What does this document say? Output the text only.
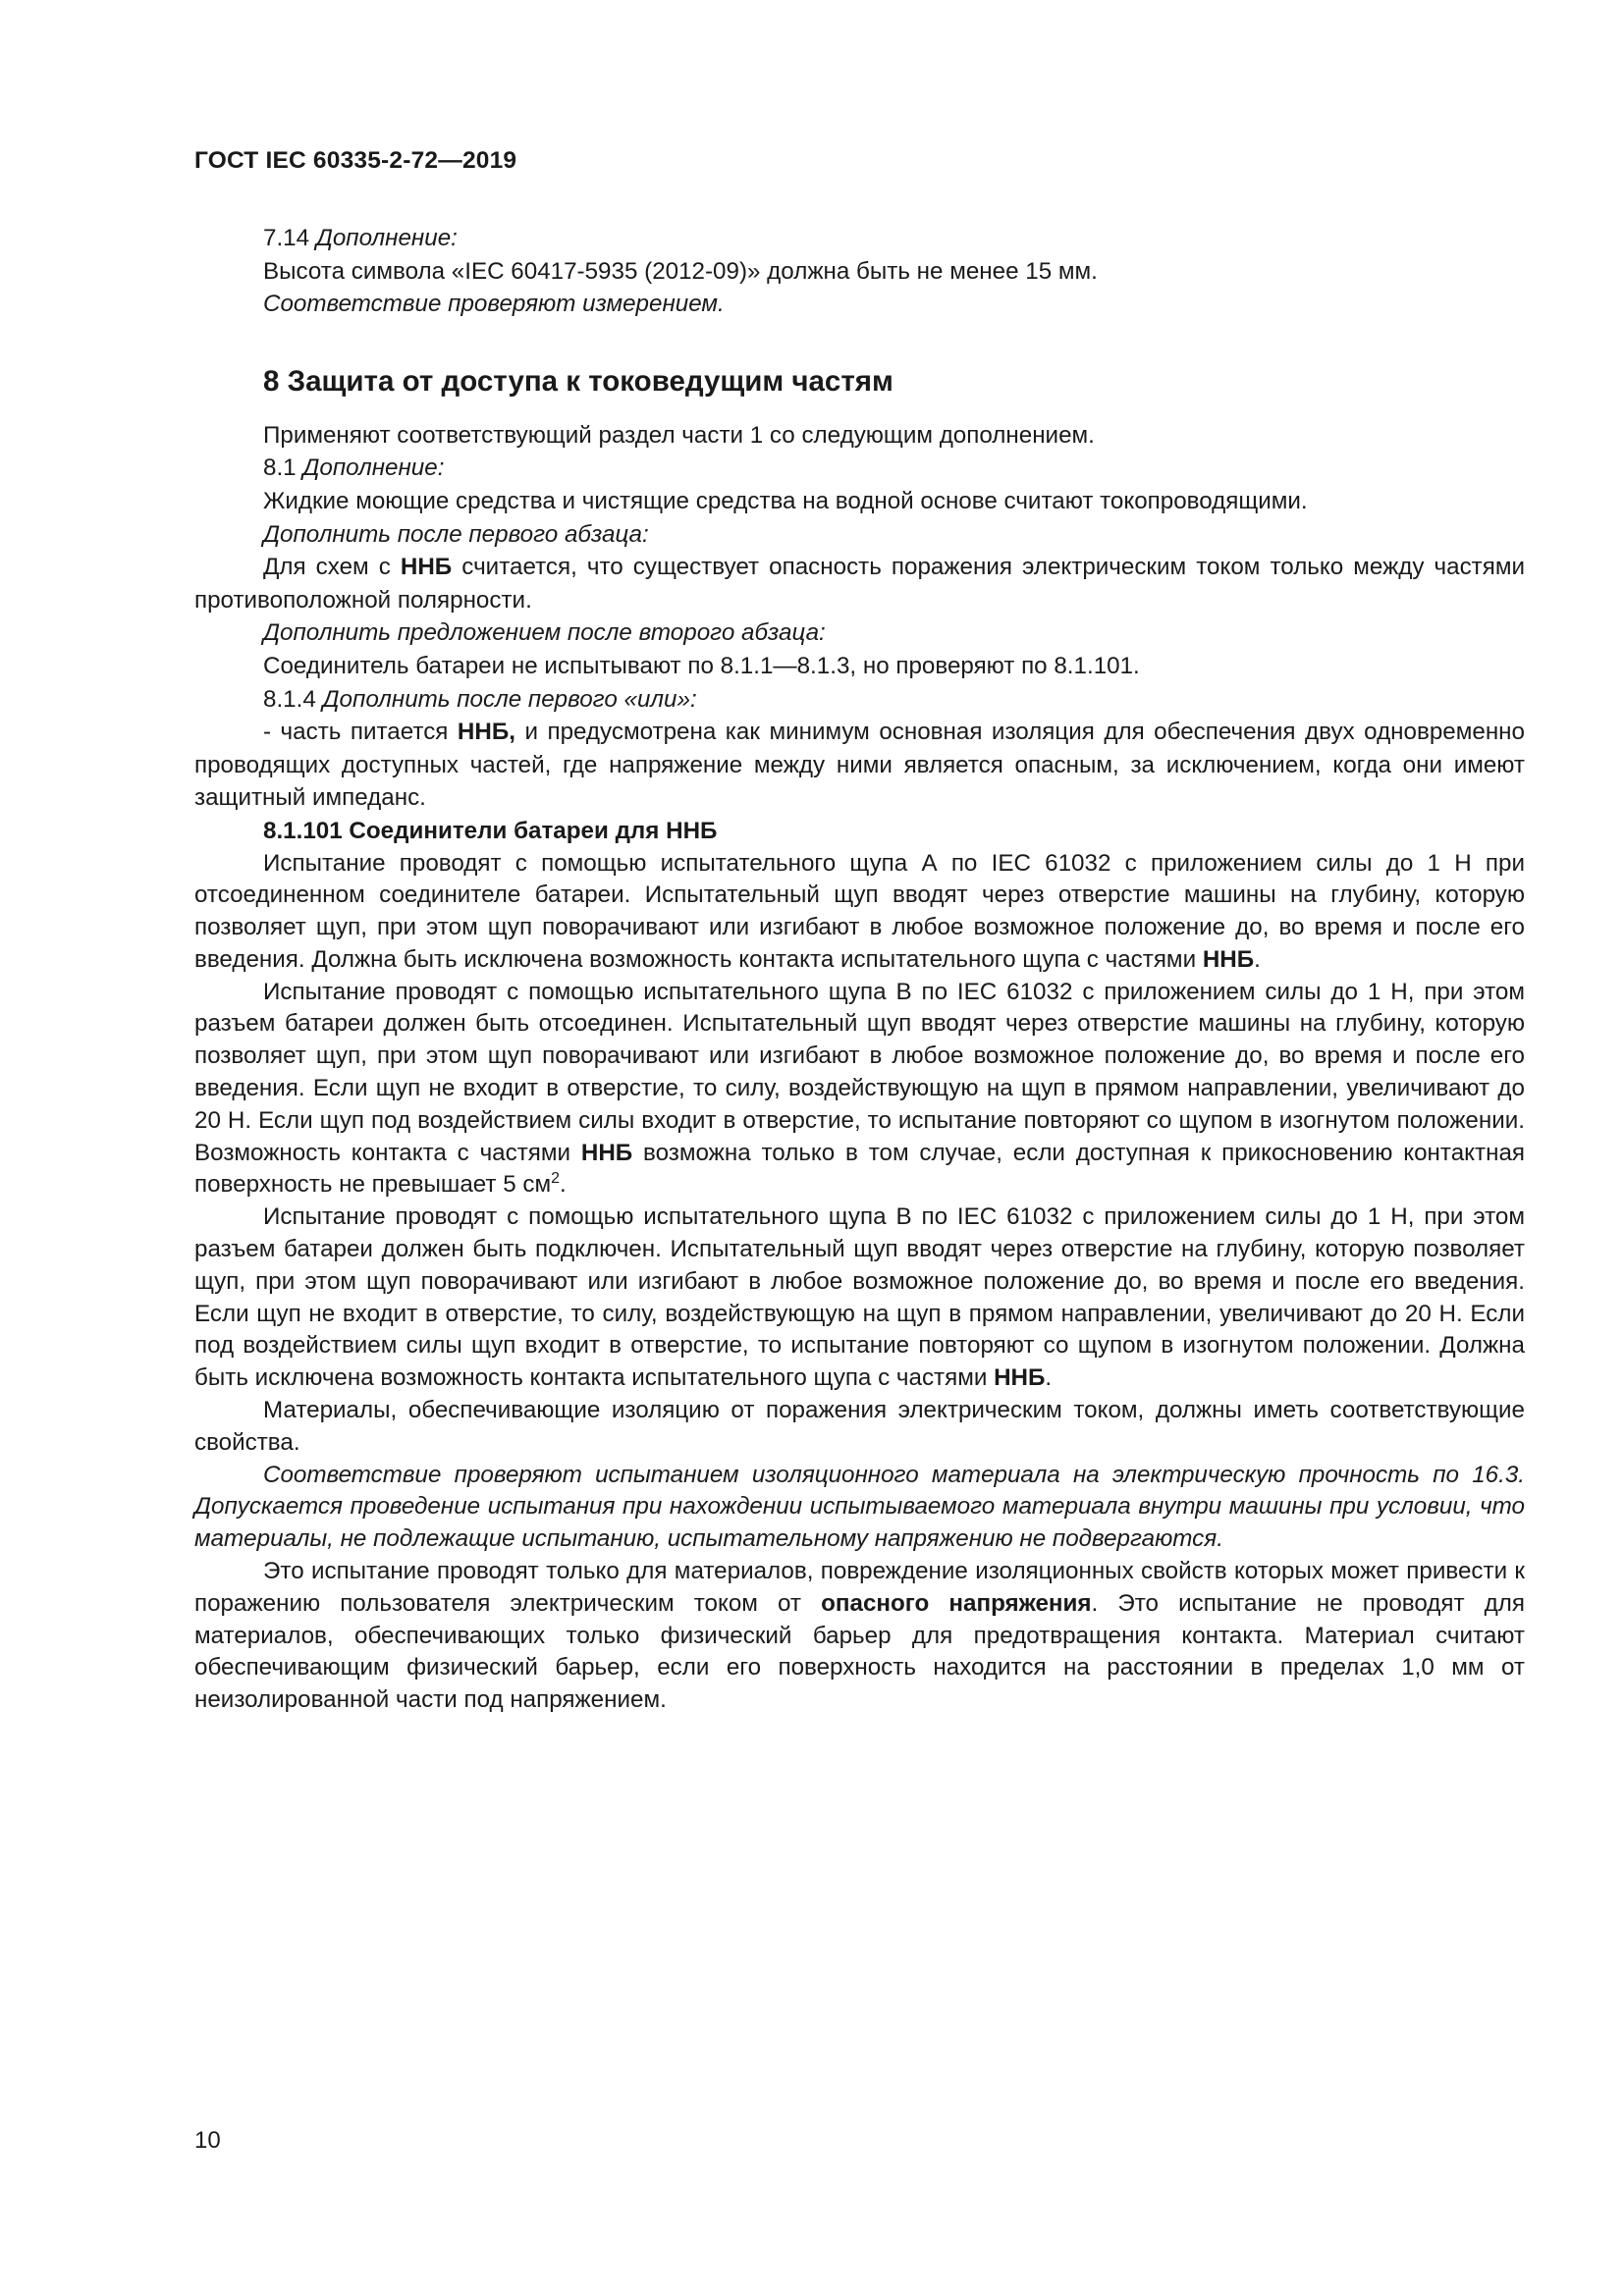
ГОСТ IEC 60335-2-72—2019

7.14 Дополнение:

Высота символа «IEC 60417-5935 (2012-09)» должна быть не менее 15 мм.

Соответствие проверяют измерением.

8 Защита от доступа к токоведущим частям

Применяют соответствующий раздел части 1 со следующим дополнением.

8.1 Дополнение:

Жидкие моющие средства и чистящие средства на водной основе считают токопроводящими.

Дополнить после первого абзаца:

Для схем с ННБ считается, что существует опасность поражения электрическим током только между частями противоположной полярности.

Дополнить предложением после второго абзаца:

Соединитель батареи не испытывают по 8.1.1—8.1.3, но проверяют по 8.1.101.

8.1.4 Дополнить после первого «или»:

- часть питается ННБ, и предусмотрена как минимум основная изоляция для обеспечения двух одновременно проводящих доступных частей, где напряжение между ними является опасным, за исключением, когда они имеют защитный импеданс.

8.1.101 Соединители батареи для ННБ

Испытание проводят с помощью испытательного щупа А по IEC 61032 с приложением силы до 1 Н при отсоединенном соединителе батареи. Испытательный щуп вводят через отверстие машины на глубину, которую позволяет щуп, при этом щуп поворачивают или изгибают в любое возможное положение до, во время и после его введения. Должна быть исключена возможность контакта испытательного щупа с частями ННБ.

Испытание проводят с помощью испытательного щупа В по IEC 61032 с приложением силы до 1 Н, при этом разъем батареи должен быть отсоединен. Испытательный щуп вводят через отверстие машины на глубину, которую позволяет щуп, при этом щуп поворачивают или изгибают в любое возможное положение до, во время и после его введения. Если щуп не входит в отверстие, то силу, воздействующую на щуп в прямом направлении, увеличивают до 20 Н. Если щуп под воздействием силы входит в отверстие, то испытание повторяют со щупом в изогнутом положении. Возможность контакта с частями ННБ возможна только в том случае, если доступная к прикосновению контактная поверхность не превышает 5 $см^2$.

Испытание проводят с помощью испытательного щупа В по IEC 61032 с приложением силы до 1 Н, при этом разъем батареи должен быть подключен. Испытательный щуп вводят через отверстие на глубину, которую позволяет щуп, при этом щуп поворачивают или изгибают в любое возможное положение до, во время и после его введения. Если щуп не входит в отверстие, то силу, воздействующую на щуп в прямом направлении, увеличивают до 20 Н. Если под воздействием силы щуп входит в отверстие, то испытание повторяют со щупом в изогнутом положении. Должна быть исключена возможность контакта испытательного щупа с частями ННБ.

Материалы, обеспечивающие изоляцию от поражения электрическим током, должны иметь соответствующие свойства.

Соответствие проверяют испытанием изоляционного материала на электрическую прочность по 16.3. Допускается проведение испытания при нахождении испытываемого материала внутри машины при условии, что материалы, не подлежащие испытанию, испытательному напряжению не подвергаются.

Это испытание проводят только для материалов, повреждение изоляционных свойств которых может привести к поражению пользователя электрическим током от опасного напряжения. Это испытание не проводят для материалов, обеспечивающих только физический барьер для предотвращения контакта. Материал считают обеспечивающим физический барьер, если его поверхность находится на расстоянии в пределах 1,0 мм от неизолированной части под напряжением.

10
